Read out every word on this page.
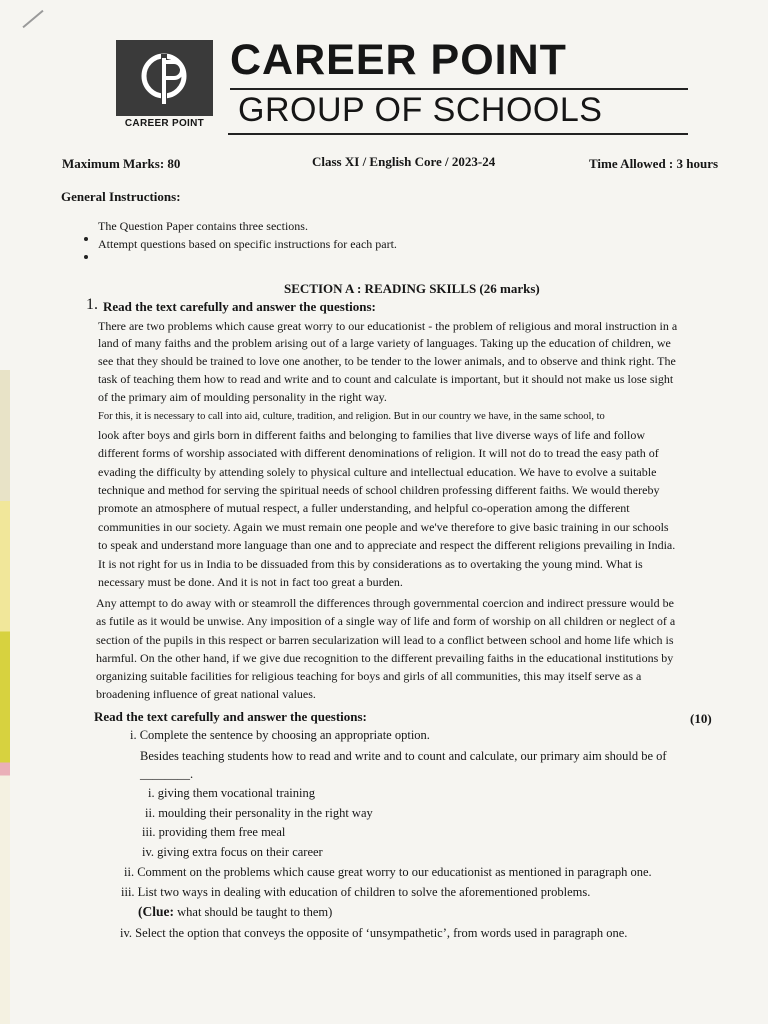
CAREER POINT
CAREER POINT
GROUP OF SCHOOLS
Maximum Marks: 80	Class XI / English Core / 2023-24	Time Allowed : 3 hours
General Instructions:
The Question Paper contains three sections.
Attempt questions based on specific instructions for each part.
SECTION A : READING SKILLS (26 marks)
1. Read the text carefully and answer the questions:
There are two problems which cause great worry to our educationist - the problem of religious and moral instruction in a
land of many faiths and the problem arising out of a large variety of languages. Taking up the education of children, we
see that they should be trained to love one another, to be tender to the lower animals, and to observe and think right. The
task of teaching them how to read and write and to count and calculate is important, but it should not make us lose sight
of the primary aim of moulding personality in the right way.
For this, it is necessary to call into aid, culture, tradition, and religion. But in our country we have, in the same school, to
look after boys and girls born in different faiths and belonging to families that live diverse ways of life and follow
different forms of worship associated with different denominations of religion. It will not do to tread the easy path of
evading the difficulty by attending solely to physical culture and intellectual education. We have to evolve a suitable
technique and method for serving the spiritual needs of school children professing different faiths. We would thereby
promote an atmosphere of mutual respect, a fuller understanding, and helpful co-operation among the different
communities in our society. Again we must remain one people and we've therefore to give basic training in our schools
to speak and understand more language than one and to appreciate and respect the different religions prevailing in India.
It is not right for us in India to be dissuaded from this by considerations as to overtaking the young mind. What is
necessary must be done. And it is not in fact too great a burden.
Any attempt to do away with or steamroll the differences through governmental coercion and indirect pressure would be
as futile as it would be unwise. Any imposition of a single way of life and form of worship on all children or neglect of a
section of the pupils in this respect or barren secularization will lead to a conflict between school and home life which is
harmful. On the other hand, if we give due recognition to the different prevailing faiths in the educational institutions by
organizing suitable facilities for religious teaching for boys and girls of all communities, this may itself serve as a
broadening influence of great national values.
Read the text carefully and answer the questions:	(10)
i. Complete the sentence by choosing an appropriate option.
Besides teaching students how to read and write and to count and calculate, our primary aim should be of
________.
i. giving them vocational training
ii. moulding their personality in the right way
iii. providing them free meal
iv. giving extra focus on their career
ii. Comment on the problems which cause great worry to our educationist as mentioned in paragraph one.
iii. List two ways in dealing with education of children to solve the aforementioned problems.
(Clue: what should be taught to them)
iv. Select the option that conveys the opposite of ‘unsympathetic’, from words used in paragraph one.
